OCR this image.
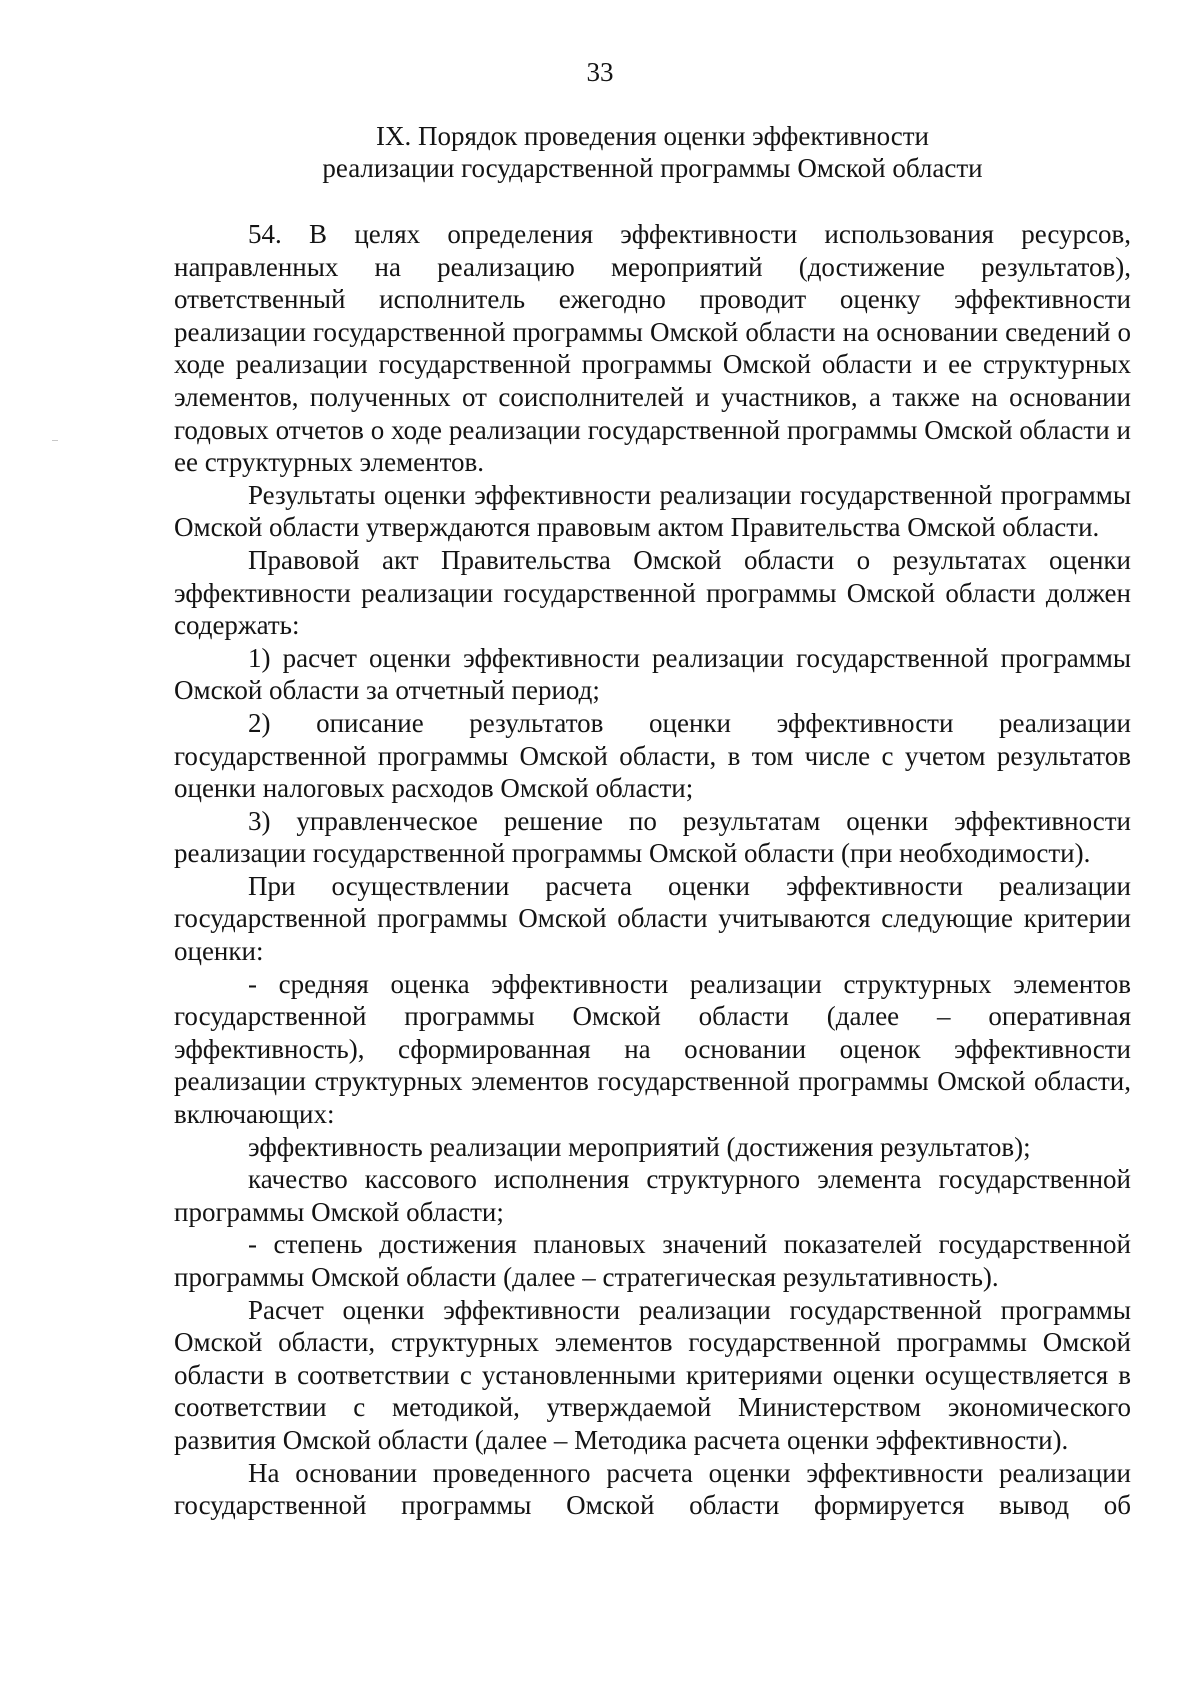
33
IX. Порядок проведения оценки эффективности
реализации государственной программы Омской области

54. В целях определения эффективности использования ресурсов, направленных на реализацию мероприятий (достижение результатов), ответственный исполнитель ежегодно проводит оценку эффективности реализации государственной программы Омской области на основании сведений о ходе реализации государственной программы Омской области и ее структурных элементов, полученных от соисполнителей и участников, а также на основании годовых отчетов о ходе реализации государственной программы Омской области и ее структурных элементов.

Результаты оценки эффективности реализации государственной программы Омской области утверждаются правовым актом Правительства Омской области.

Правовой акт Правительства Омской области о результатах оценки эффективности реализации государственной программы Омской области должен содержать:

1) расчет оценки эффективности реализации государственной программы Омской области за отчетный период;

2) описание результатов оценки эффективности реализации государственной программы Омской области, в том числе с учетом результатов оценки налоговых расходов Омской области;

3) управленческое решение по результатам оценки эффективности реализации государственной программы Омской области (при необходимости).

При осуществлении расчета оценки эффективности реализации государственной программы Омской области учитываются следующие критерии оценки:

- средняя оценка эффективности реализации структурных элементов государственной программы Омской области (далее – оперативная эффективность), сформированная на основании оценок эффективности реализации структурных элементов государственной программы Омской области, включающих:

эффективность реализации мероприятий (достижения результатов);

качество кассового исполнения структурного элемента государственной программы Омской области;

- степень достижения плановых значений показателей государственной программы Омской области (далее – стратегическая результативность).

Расчет оценки эффективности реализации государственной программы Омской области, структурных элементов государственной программы Омской области в соответствии с установленными критериями оценки осуществляется в соответствии с методикой, утверждаемой Министерством экономического развития Омской области (далее – Методика расчета оценки эффективности).

На основании проведенного расчета оценки эффективности реализации государственной программы Омской области формируется вывод об
